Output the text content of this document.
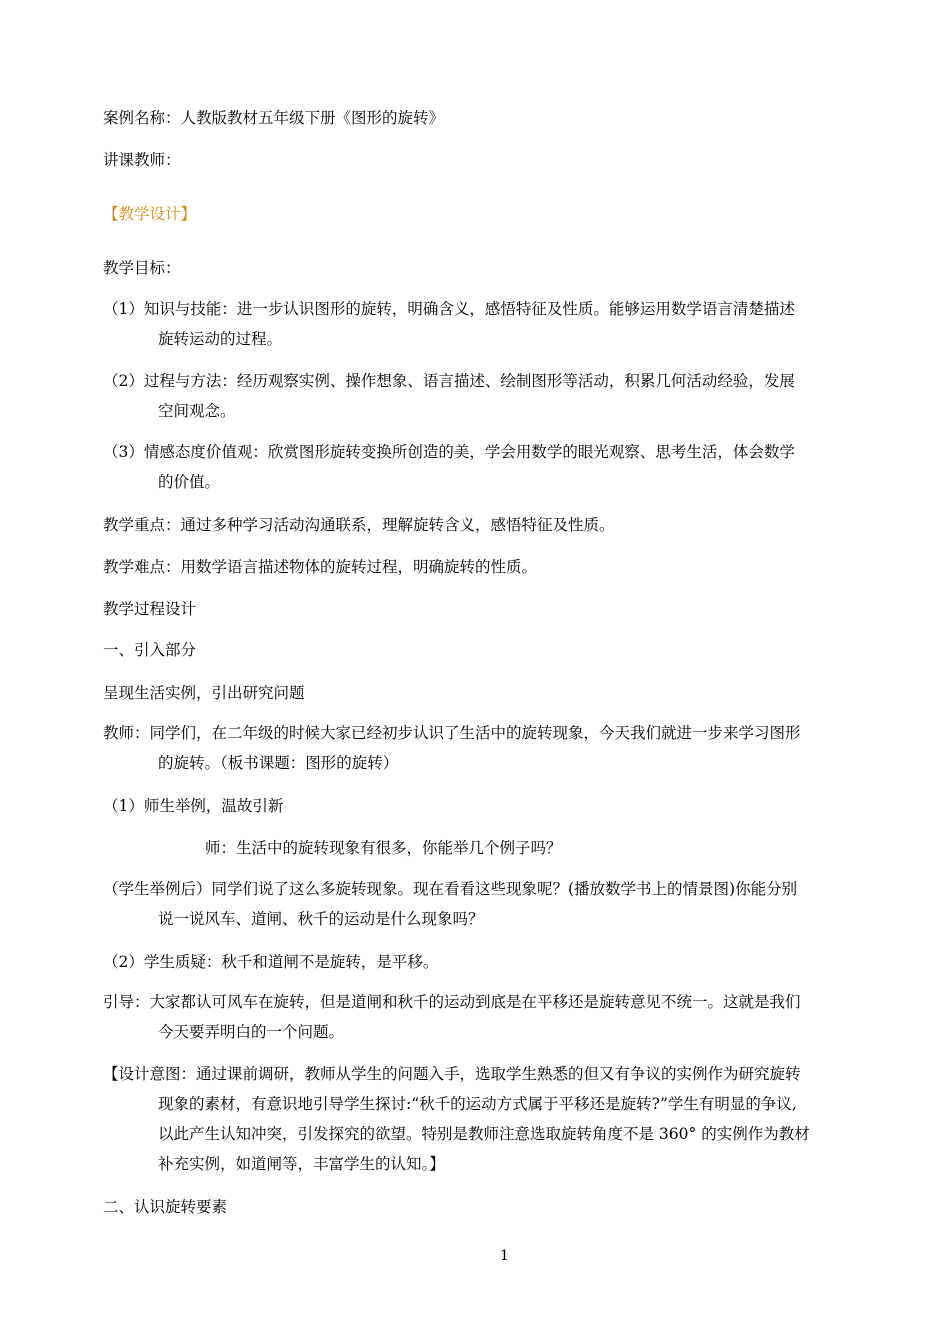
案例名称：人教版教材五年级下册《图形的旋转》
讲课教师：
【教学设计】
教学目标：
（1）知识与技能：进一步认识图形的旋转，明确含义，感悟特征及性质。能够运用数学语言清楚描述
旋转运动的过程。
（2）过程与方法：经历观察实例、操作想象、语言描述、绘制图形等活动，积累几何活动经验，发展
空间观念。
（3）情感态度价值观：欣赏图形旋转变换所创造的美，学会用数学的眼光观察、思考生活，体会数学
的价值。
教学重点：通过多种学习活动沟通联系，理解旋转含义，感悟特征及性质。
教学难点：用数学语言描述物体的旋转过程，明确旋转的性质。
教学过程设计
一、引入部分
呈现生活实例，引出研究问题
教师：同学们，在二年级的时候大家已经初步认识了生活中的旋转现象，今天我们就进一步来学习图形
的旋转。（板书课题：图形的旋转）
（1）师生举例，温故引新
师：生活中的旋转现象有很多，你能举几个例子吗？
（学生举例后）同学们说了这么多旋转现象。现在看看这些现象呢？(播放数学书上的情景图)你能分别
说一说风车、道闸、秋千的运动是什么现象吗？
（2）学生质疑：秋千和道闸不是旋转，是平移。
引导：大家都认可风车在旋转，但是道闸和秋千的运动到底是在平移还是旋转意见不统一。这就是我们
今天要弄明白的一个问题。
【设计意图：通过课前调研，教师从学生的问题入手，选取学生熟悉的但又有争议的实例作为研究旋转
现象的素材，有意识地引导学生探讨:“秋千的运动方式属于平移还是旋转?”学生有明显的争议,
以此产生认知冲突，引发探究的欲望。特别是教师注意选取旋转角度不是 360° 的实例作为教材
补充实例，如道闸等，丰富学生的认知。】
二、认识旋转要素
1
